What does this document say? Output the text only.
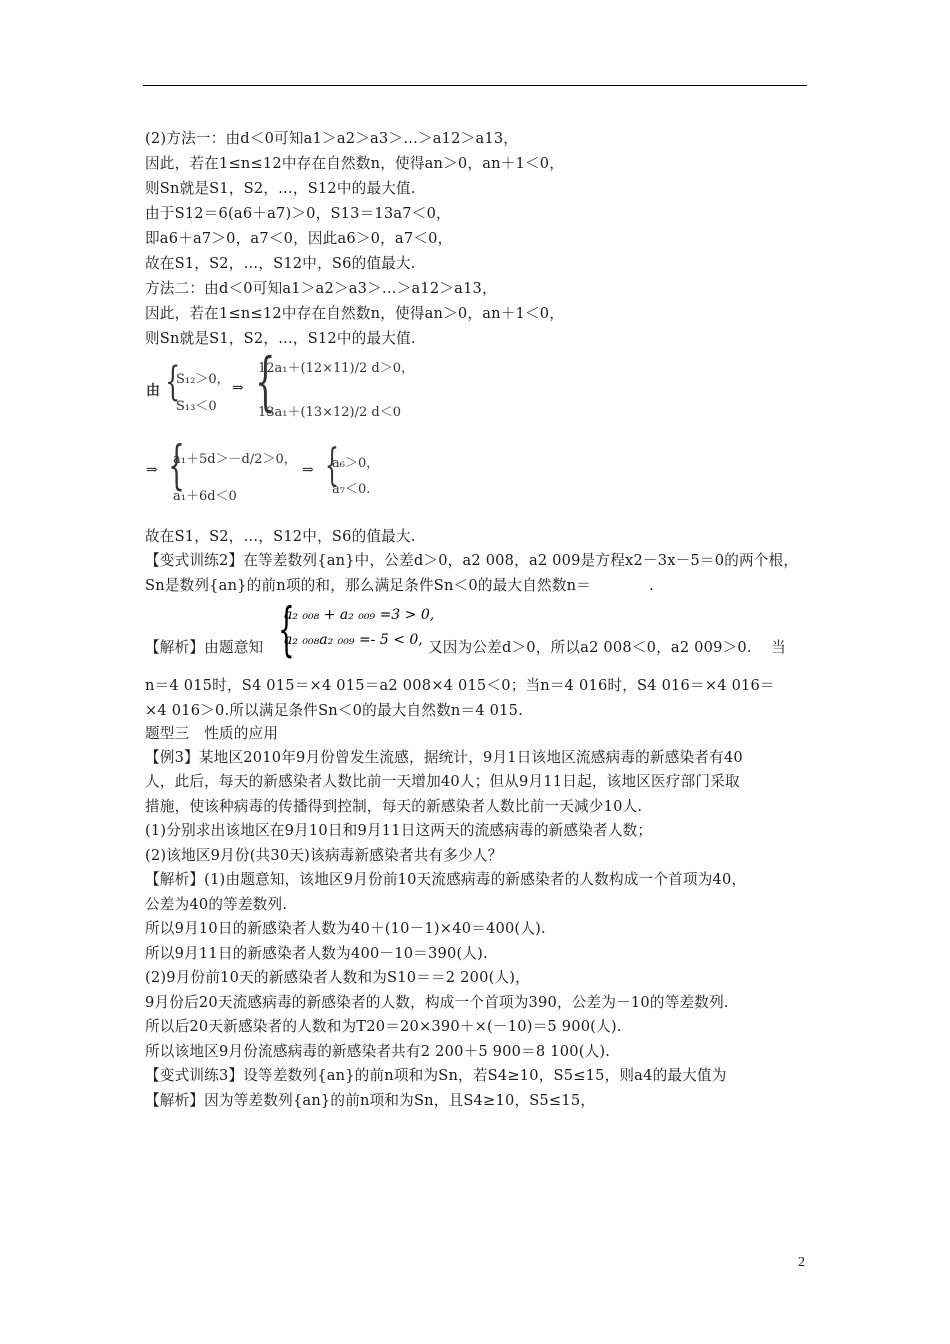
(2)方法一：由d＜0可知a1＞a2＞a3＞…＞a12＞a13，
因此，若在1≤n≤12中存在自然数n，使得an＞0，an＋1＜0，
则Sn就是S1，S2，…，S12中的最大值.
由于S12＝6(a6＋a7)＞0，S13＝13a7＜0，
即a6＋a7＞0，a7＜0，因此a6＞0，a7＜0，
故在S1，S2，…，S12中，S6的值最大.
方法二：由d＜0可知a1＞a2＞a3＞…＞a12＞a13，
因此，若在1≤n≤12中存在自然数n，使得an＞0，an＋1＜0，
则Sn就是S1，S2，…，S12中的最大值.
由 {
S₁₂＞0，
S₁₃＜0
⇒ {
12a₁＋(12×11)/2 d＞0，
13a₁＋(13×12)/2 d＜0
⇒ {
a₁＋5d＞－d/2＞0，
a₁＋6d＜0
⇒ {
a₆＞0，
a₇＜0.
故在S1，S2，…，S12中，S6的值最大.
【变式训练2】在等差数列{an}中，公差d＞0，a2 008，a2 009是方程x2－3x－5＝0的两个根，
Sn是数列{an}的前n项的和，那么满足条件Sn＜0的最大自然数n＝            .
【解析】由题意知 {
a₂ ₀₀₈ + a₂ ₀₀₉ =3 > 0,
a₂ ₀₀₈a₂ ₀₀₉ =- 5 < 0, 又因为公差d＞0，所以a2 008＜0，a2 009＞0.    当
n＝4 015时，S4 015＝×4 015＝a2 008×4 015＜0；当n＝4 016时，S4 016＝×4 016＝
×4 016＞0.所以满足条件Sn＜0的最大自然数n＝4 015.
题型三　性质的应用
【例3】某地区2010年9月份曾发生流感，据统计，9月1日该地区流感病毒的新感染者有40
人，此后，每天的新感染者人数比前一天增加40人；但从9月11日起，该地区医疗部门采取
措施，使该种病毒的传播得到控制，每天的新感染者人数比前一天减少10人.
(1)分别求出该地区在9月10日和9月11日这两天的流感病毒的新感染者人数；
(2)该地区9月份(共30天)该病毒新感染者共有多少人？
【解析】(1)由题意知，该地区9月份前10天流感病毒的新感染者的人数构成一个首项为40，
公差为40的等差数列.
所以9月10日的新感染者人数为40＋(10－1)×40＝400(人).
所以9月11日的新感染者人数为400－10＝390(人).
(2)9月份前10天的新感染者人数和为S10＝＝2 200(人)，
9月份后20天流感病毒的新感染者的人数，构成一个首项为390，公差为－10的等差数列.
所以后20天新感染者的人数和为T20＝20×390＋×(－10)＝5 900(人).
所以该地区9月份流感病毒的新感染者共有2 200＋5 900＝8 100(人).
【变式训练3】设等差数列{an}的前n项和为Sn，若S4≥10，S5≤15，则a4的最大值为
【解析】因为等差数列{an}的前n项和为Sn，且S4≥10，S5≤15，
2
